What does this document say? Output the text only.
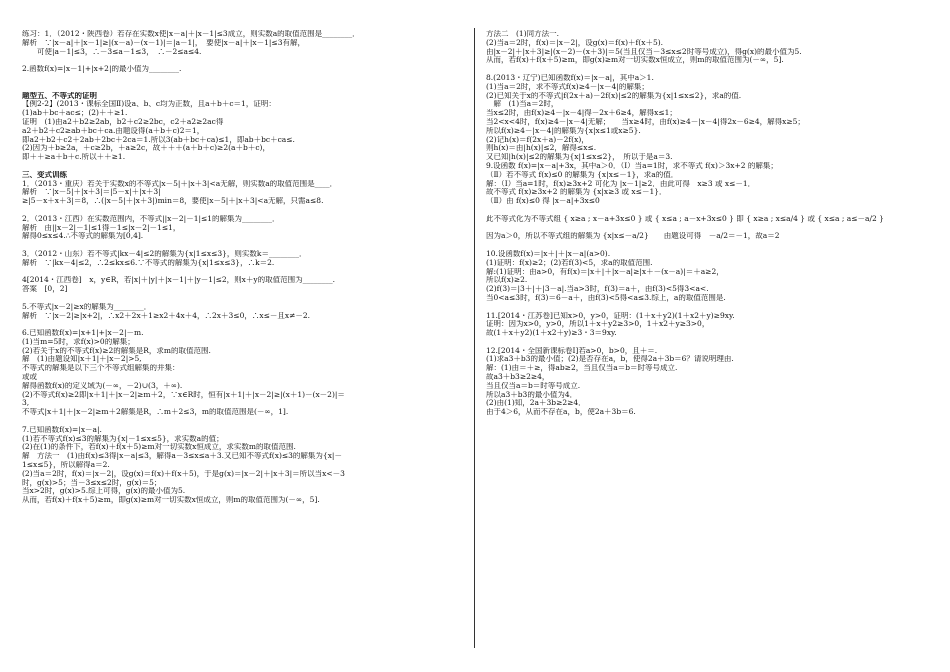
练习：1．（2012・陕西卷）若存在实数x使|x－a|＋|x－1|≤3成立，则实数a的取值范围是________．
解析　∵|x－a|＋|x－1|≥|(x－a)－(x－1)|＝|a－1|，　要使|x－a|＋|x－1|≤3有解，
　　可使|a－1|≤3，∴－3≤a－1≤3，　∴－2≤a≤4.
2.函数f(x)=|x－1|+|x+2|的最小值为________.
题型五、不等式的证明
【例2-2】(2013・课标全国Ⅱ)设a、b、c均为正数，且a＋b＋c＝1，证明：
(1)ab＋bc＋ac≤；(2)＋＋≥1.
证明　(1)由a2＋b2≥2ab，b2＋c2≥2bc，c2＋a2≥2ac得
a2＋b2＋c2≥ab＋bc＋ca.由题设得(a＋b＋c)2＝1，
即a2＋b2＋c2＋2ab＋2bc＋2ca＝1.所以3(ab＋bc＋ca)≤1，即ab＋bc＋ca≤.
(2)因为＋b≥2a，＋c≥2b，＋a≥2c，故＋＋＋(a＋b＋c)≥2(a＋b＋c)，
即＋＋≥a＋b＋c.所以＋＋≥1.
三、变式训练
1．（2013・重庆）若关于实数x的不等式|x－5|＋|x＋3|<a无解，则实数a的取值范围是____．
解析　∵|x－5|＋|x＋3|＝|5－x|＋|x＋3|
≥|5－x＋x＋3|＝8，∴(|x－5|＋|x＋3|)min＝8，要使|x－5|＋|x＋3|<a无解，只需a≤8.
2．（2013・江西）在实数范围内，不等式||x－2|－1|≤1的解集为________．
解析　由||x－2|－1|≤1得－1≤|x－2|－1≤1，
解得0≤x≤4.∴不等式的解集为[0,4].
3．（2012・山东）若不等式|kx－4|≤2的解集为{x|1≤x≤3}，则实数k＝________．
解析　∵|kx－4|≤2，∴2≤kx≤6.∵不等式的解集为{x|1≤x≤3}，∴k＝2.
4[2014・江西卷]　x，y∈R，若|x|＋|y|＋|x－1|＋|y－1|≤2，则x＋y的取值范围为________.
答案　[0，2]
5.不等式|x－2|≥x的解集为________．
解析　∵|x－2|≥|x+2|，∴x2＋2x＋1≥x2＋4x＋4，∴2x＋3≤0，∴x≤－且x≠－2.
6.已知函数f(x)=|x+1|+|x－2|－m.
(1)当m=5时，求f(x)>0的解集；
(2)若关于x的不等式f(x)≥2的解集是R，求m的取值范围.
解　(1)由题设知|x＋1|＋|x－2|>5,
不等式的解集是以下三个不等式组解集的并集：
或或
解得函数f(x)的定义域为(－∞，－2)∪(3，＋∞).
(2)不等式f(x)≥2即|x＋1|＋|x－2|≥m＋2，∵x∈R时，恒有|x＋1|＋|x－2|≥|(x＋1)－(x－2)|＝
3,
不等式|x＋1|＋|x－2|≥m＋2解集是R，∴m＋2≤3，m的取值范围是(－∞，1].
7.已知函数f(x)=|x－a|.
(1)若不等式f(x)≤3的解集为{x|－1≤x≤5}，求实数a的值；
(2)在(1)的条件下，若f(x)＋f(x＋5)≥m对一切实数x恒成立，求实数m的取值范围.
解　方法一　(1)由f(x)≤3得|x－a|≤3，解得a－3≤x≤a＋3.又已知不等式f(x)≤3的解集为{x|－
1≤x≤5}，所以解得a＝2.
(2)当a＝2时，f(x)＝|x－2|，设g(x)＝f(x)＋f(x＋5)，于是g(x)＝|x－2|＋|x＋3|＝所以当x<－3
时，g(x)>5；当－3≤x≤2时，g(x)＝5；
当x>2时，g(x)>5.综上可得，g(x)的最小值为5.
从而，若f(x)＋f(x＋5)≥m，即g(x)≥m对一切实数x恒成立，则m的取值范围为(－∞，5].
方法二　(1)同方法一.
(2)当a＝2时，f(x)＝|x－2|，设g(x)＝f(x)＋f(x＋5).
由|x－2|＋|x＋3|≥|(x－2)－(x＋3)|＝5(当且仅当－3≤x≤2时等号成立)，得g(x)的最小值为5.
从而，若f(x)＋f(x＋5)≥m，即g(x)≥m对一切实数x恒成立，则m的取值范围为(－∞，5].
8.(2013・辽宁)已知函数f(x)＝|x－a|，其中a＞1.
(1)当a＝2时，求不等式f(x)≥4－|x－4|的解集；
(2)已知关于x的不等式|f(2x＋a)－2f(x)|≤2的解集为{x|1≤x≤2}，求a的值.
　解　(1)当a＝2时，
当x≤2时，由f(x)≥4－|x－4|得－2x＋6≥4，解得x≤1；
当2<x<4时，f(x)≥4－|x－4|无解；　　当x≥4时，由f(x)≥4－|x－4|得2x－6≥4，解得x≥5；
所以f(x)≥4－|x－4|的解集为{x|x≤1或x≥5}.
(2)记h(x)＝f(2x＋a)－2f(x)，
则h(x)＝由|h(x)|≤2，解得≤x≤.
又已知|h(x)|≤2的解集为{x|1≤x≤2}，　所以于是a＝3.
9.设函数 f(x)=|x－a|+3x，其中a＞0．（Ⅰ）当a=1时，求不等式 f(x)＞3x+2 的解集；
（Ⅱ）若不等式 f(x)≤0 的解集为 {x|x≤－1}，求a的值．
解：（Ⅰ）当a=1时，f(x)≥3x+2 可化为 |x－1|≥2．由此可得　x≥3 或 x≤－1．
故不等式 f(x)≥3x+2 的解集为 {x|x≥3 或 x≤－1}．
（Ⅱ）由 f(x)≤0 得 |x－a|+3x≤0
此不等式化为不等式组 { x≥a ; x－a+3x≤0 } 或 { x≤a ; a－x+3x≤0 } 即 { x≥a ; x≤a/4 } 或 { x≤a ; a≤－a/2 }
因为a＞0，所以不等式组的解集为 {x|x≤－a/2}　　由题设可得　－a/2＝－1，故a＝2
10.设函数f(x)＝|x＋|＋|x－a|(a>0).
(1)证明：f(x)≥2；(2)若f(3)<5，求a的取值范围.
解:(1)证明：由a>0，有f(x)＝|x＋|＋|x－a|≥|x＋－(x－a)|＝＋a≥2，
所以f(x)≥2.
(2)f(3)＝|3＋|＋|3－a|.当a>3时，f(3)＝a＋，由f(3)<5得3<a<.
当0<a≤3时，f(3)＝6－a＋，由f(3)<5得<a≤3.综上，a的取值范围是.
11.[2014・江苏卷]已知x>0，y>0，证明：(1＋x＋y2)(1＋x2＋y)≥9xy.
证明：因为x>0，y>0，所以1＋x＋y2≥3>0，1＋x2＋y≥3>0，
故(1＋x＋y2)(1＋x2＋y)≥3・3＝9xy.
12.[2014・全国新课标卷Ⅰ]若a>0，b>0，且＋＝.
(1)求a3＋b3的最小值；(2)是否存在a，b，使得2a＋3b＝6？请说明理由.
解：(1)由＝＋≥，得ab≥2，当且仅当a＝b＝时等号成立.
故a3＋b3≥2≥4，
当且仅当a＝b＝时等号成立.
所以a3＋b3的最小值为4．
(2)由(1)知，2a＋3b≥2≥4．
由于4＞6，从而不存在a，b，使2a＋3b＝6.
